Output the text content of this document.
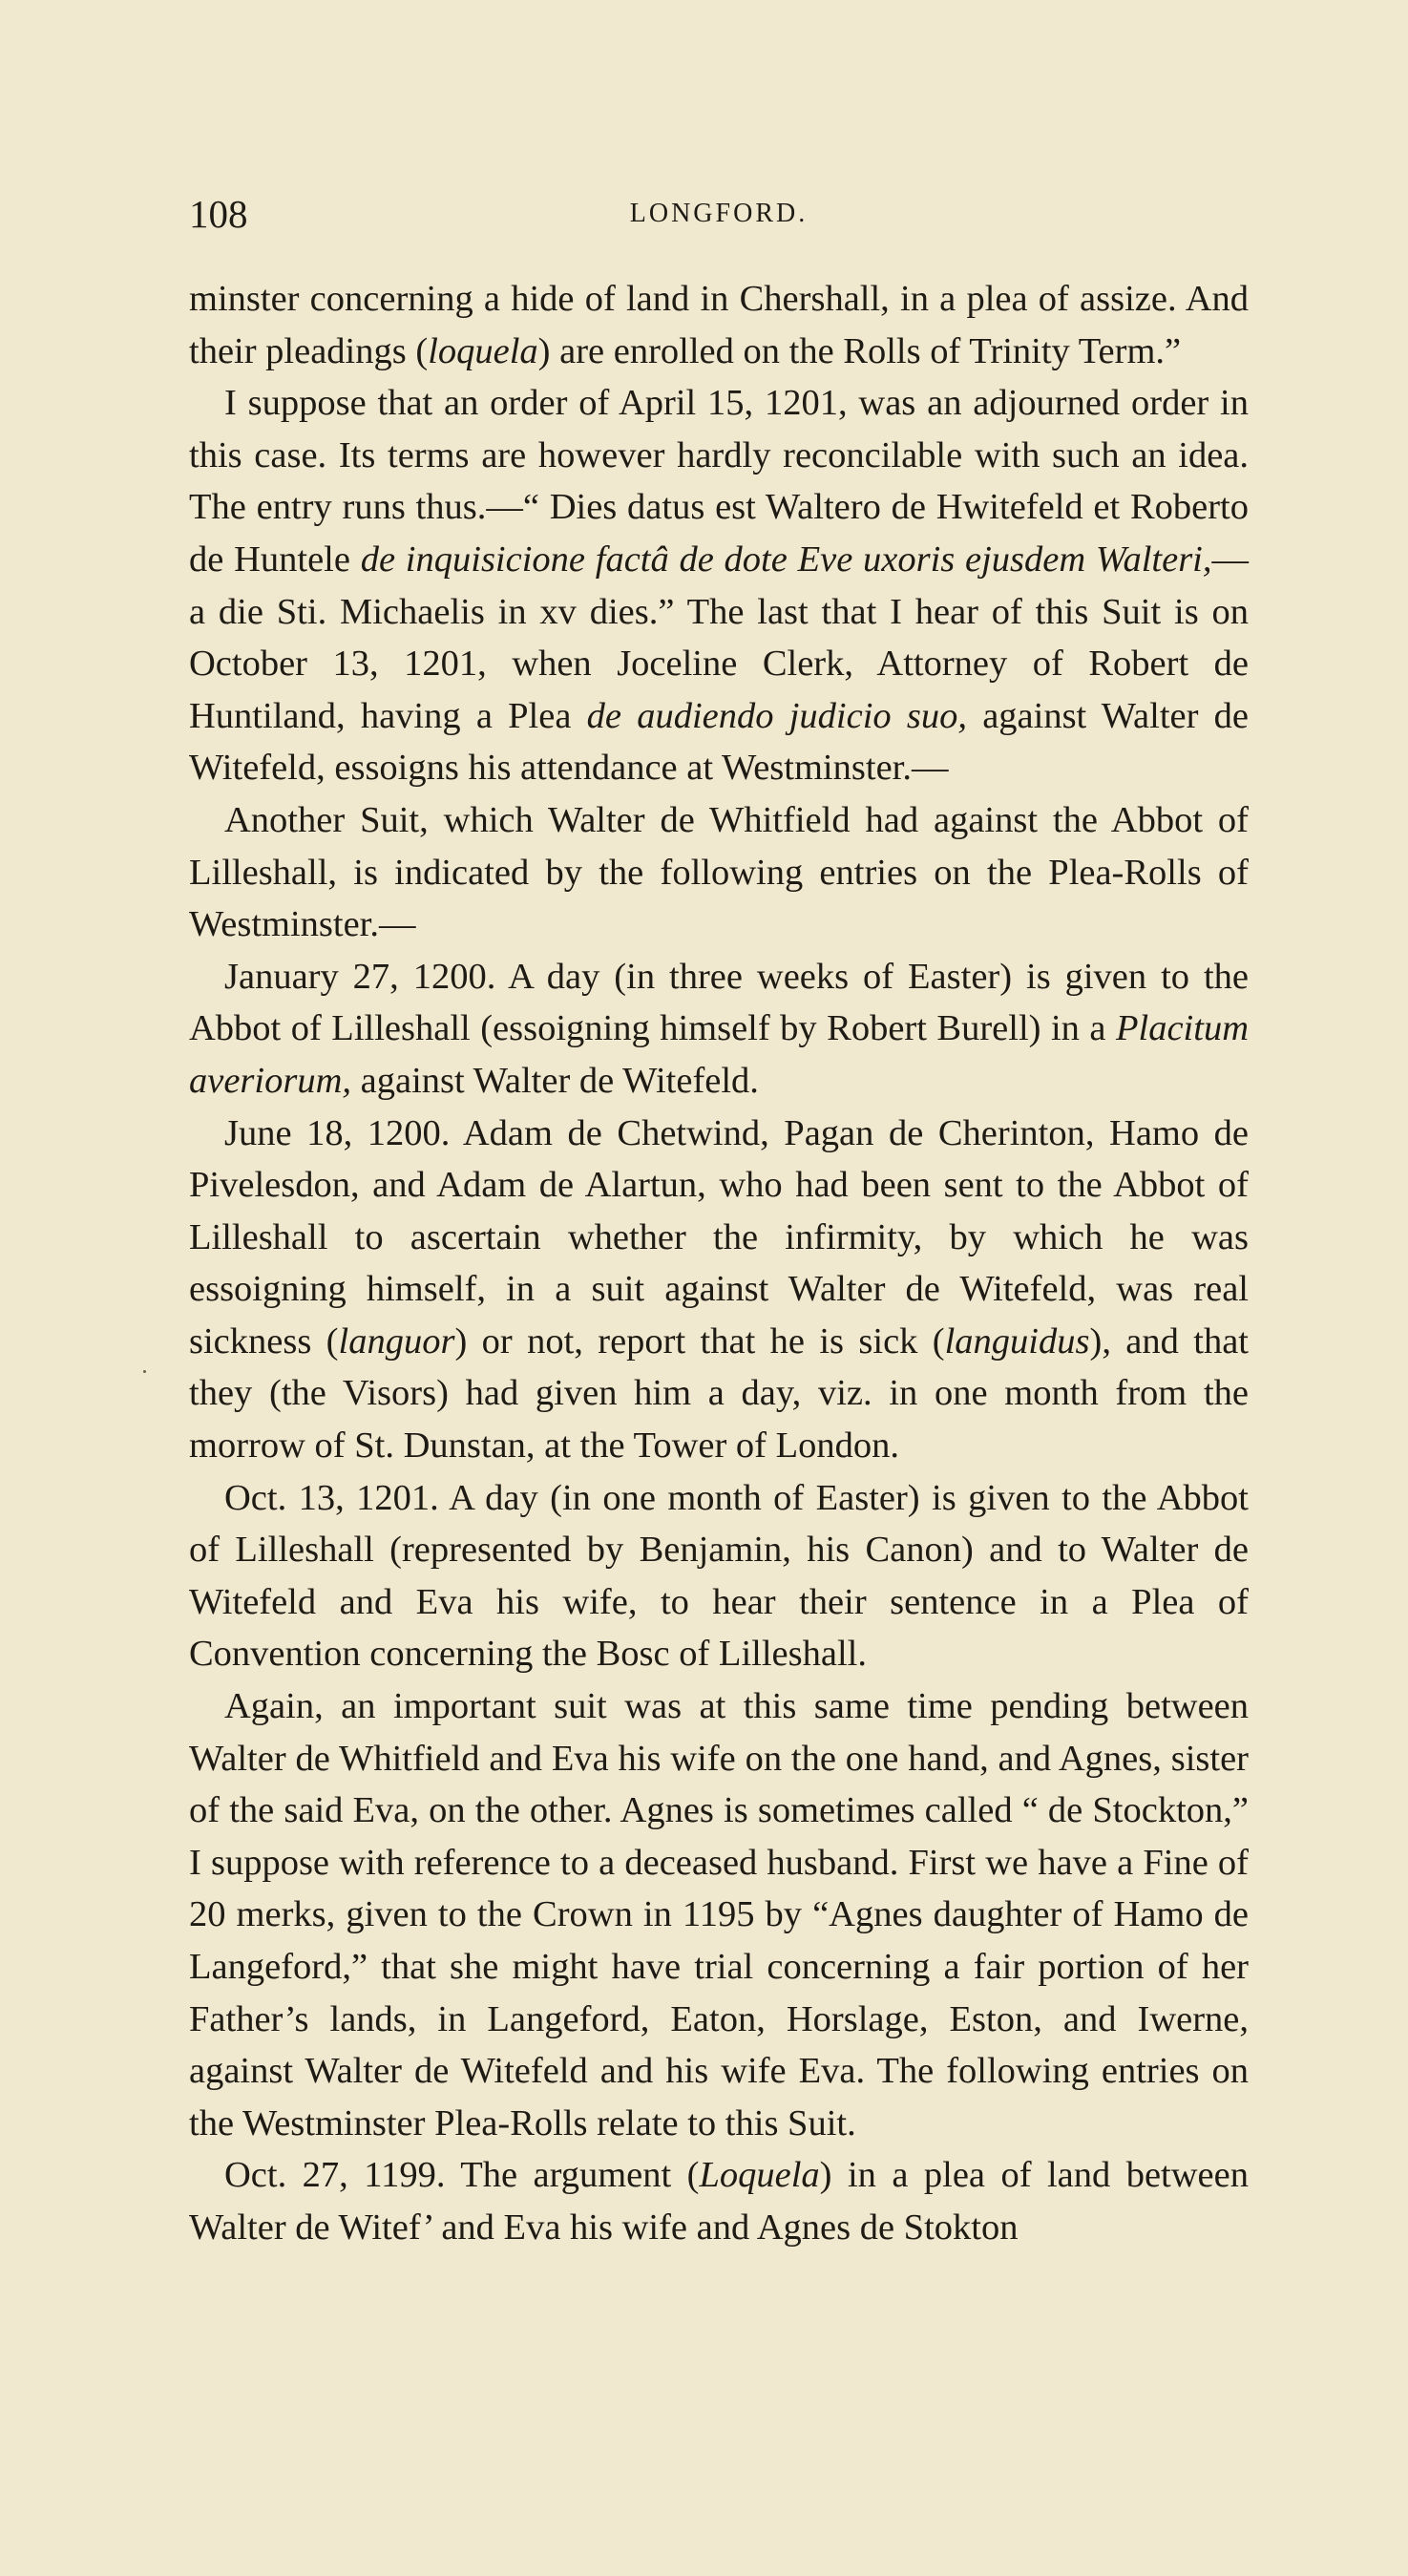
108	LONGFORD.

minster concerning a hide of land in Chershall, in a plea of assize. And their pleadings (loquela) are enrolled on the Rolls of Trinity Term.”

I suppose that an order of April 15, 1201, was an adjourned order in this case. Its terms are however hardly reconcilable with such an idea. The entry runs thus.—“ Dies datus est Waltero de Hwitefeld et Roberto de Huntele de inquisicione factâ de dote Eve uxoris ejusdem Walteri,—a die Sti. Michaelis in xv dies.” The last that I hear of this Suit is on October 13, 1201, when Joceline Clerk, Attorney of Robert de Huntiland, having a Plea de audiendo judicio suo, against Walter de Witefeld, essoigns his attendance at Westminster.—

Another Suit, which Walter de Whitfield had against the Abbot of Lilleshall, is indicated by the following entries on the Plea-Rolls of Westminster.—

January 27, 1200. A day (in three weeks of Easter) is given to the Abbot of Lilleshall (essoigning himself by Robert Burell) in a Placitum averiorum, against Walter de Witefeld.

June 18, 1200. Adam de Chetwind, Pagan de Cherinton, Hamo de Pivelesdon, and Adam de Alartun, who had been sent to the Abbot of Lilleshall to ascertain whether the infirmity, by which he was essoigning himself, in a suit against Walter de Witefeld, was real sickness (languor) or not, report that he is sick (languidus), and that they (the Visors) had given him a day, viz. in one month from the morrow of St. Dunstan, at the Tower of London.

Oct. 13, 1201. A day (in one month of Easter) is given to the Abbot of Lilleshall (represented by Benjamin, his Canon) and to Walter de Witefeld and Eva his wife, to hear their sentence in a Plea of Convention concerning the Bosc of Lilleshall.

Again, an important suit was at this same time pending between Walter de Whitfield and Eva his wife on the one hand, and Agnes, sister of the said Eva, on the other. Agnes is sometimes called “ de Stockton,” I suppose with reference to a deceased husband. First we have a Fine of 20 merks, given to the Crown in 1195 by “Agnes daughter of Hamo de Langeford,” that she might have trial concerning a fair portion of her Father’s lands, in Langeford, Eaton, Horslage, Eston, and Iwerne, against Walter de Witefeld and his wife Eva. The following entries on the Westminster Plea-Rolls relate to this Suit.

Oct. 27, 1199. The argument (Loquela) in a plea of land between Walter de Witef’ and Eva his wife and Agnes de Stokton
